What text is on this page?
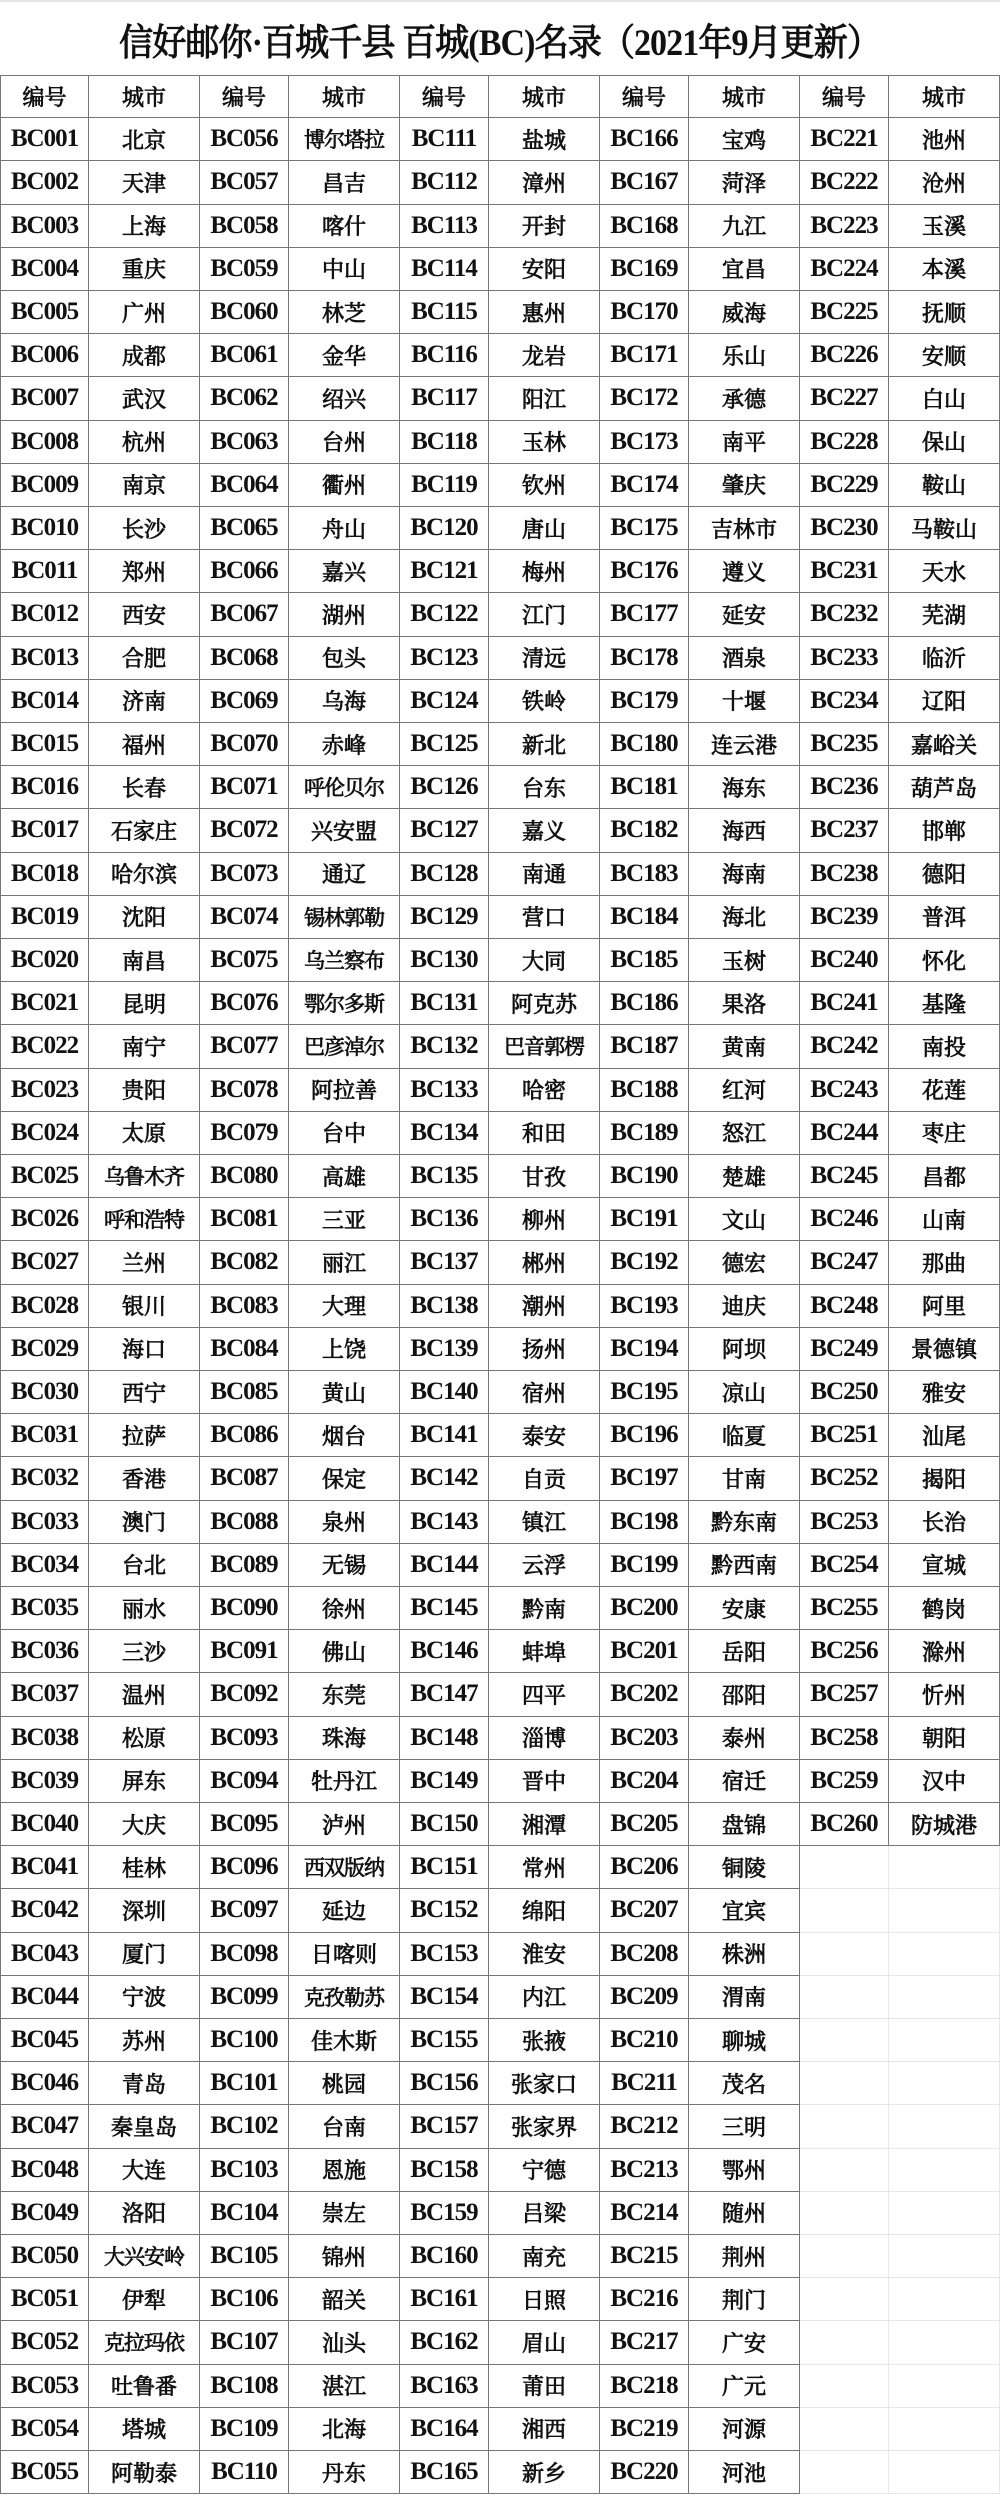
信好邮你·百城千县 百城(BC)名录（2021年9月更新）
编号	城市
BC001	北京
BC002	天津
BC003	上海
BC004	重庆
BC005	广州
BC006	成都
BC007	武汉
BC008	杭州
BC009	南京
BC010	长沙
BC011	郑州
BC012	西安
BC013	合肥
BC014	济南
BC015	福州
BC016	长春
BC017	石家庄
BC018	哈尔滨
BC019	沈阳
BC020	南昌
BC021	昆明
BC022	南宁
BC023	贵阳
BC024	太原
BC025	乌鲁木齐
BC026	呼和浩特
BC027	兰州
BC028	银川
BC029	海口
BC030	西宁
BC031	拉萨
BC032	香港
BC033	澳门
BC034	台北
BC035	丽水
BC036	三沙
BC037	温州
BC038	松原
BC039	屏东
BC040	大庆
BC041	桂林
BC042	深圳
BC043	厦门
BC044	宁波
BC045	苏州
BC046	青岛
BC047	秦皇岛
BC048	大连
BC049	洛阳
BC050	大兴安岭
BC051	伊犁
BC052	克拉玛依
BC053	吐鲁番
BC054	塔城
BC055	阿勒泰
编号	城市
BC056	博尔塔拉
BC057	昌吉
BC058	喀什
BC059	中山
BC060	林芝
BC061	金华
BC062	绍兴
BC063	台州
BC064	衢州
BC065	舟山
BC066	嘉兴
BC067	湖州
BC068	包头
BC069	乌海
BC070	赤峰
BC071	呼伦贝尔
BC072	兴安盟
BC073	通辽
BC074	锡林郭勒
BC075	乌兰察布
BC076	鄂尔多斯
BC077	巴彦淖尔
BC078	阿拉善
BC079	台中
BC080	高雄
BC081	三亚
BC082	丽江
BC083	大理
BC084	上饶
BC085	黄山
BC086	烟台
BC087	保定
BC088	泉州
BC089	无锡
BC090	徐州
BC091	佛山
BC092	东莞
BC093	珠海
BC094	牡丹江
BC095	泸州
BC096	西双版纳
BC097	延边
BC098	日喀则
BC099	克孜勒苏
BC100	佳木斯
BC101	桃园
BC102	台南
BC103	恩施
BC104	崇左
BC105	锦州
BC106	韶关
BC107	汕头
BC108	湛江
BC109	北海
BC110	丹东
编号	城市
BC111	盐城
BC112	漳州
BC113	开封
BC114	安阳
BC115	惠州
BC116	龙岩
BC117	阳江
BC118	玉林
BC119	钦州
BC120	唐山
BC121	梅州
BC122	江门
BC123	清远
BC124	铁岭
BC125	新北
BC126	台东
BC127	嘉义
BC128	南通
BC129	营口
BC130	大同
BC131	阿克苏
BC132	巴音郭楞
BC133	哈密
BC134	和田
BC135	甘孜
BC136	柳州
BC137	郴州
BC138	潮州
BC139	扬州
BC140	宿州
BC141	泰安
BC142	自贡
BC143	镇江
BC144	云浮
BC145	黔南
BC146	蚌埠
BC147	四平
BC148	淄博
BC149	晋中
BC150	湘潭
BC151	常州
BC152	绵阳
BC153	淮安
BC154	内江
BC155	张掖
BC156	张家口
BC157	张家界
BC158	宁德
BC159	吕梁
BC160	南充
BC161	日照
BC162	眉山
BC163	莆田
BC164	湘西
BC165	新乡
编号	城市
BC166	宝鸡
BC167	菏泽
BC168	九江
BC169	宜昌
BC170	威海
BC171	乐山
BC172	承德
BC173	南平
BC174	肇庆
BC175	吉林市
BC176	遵义
BC177	延安
BC178	酒泉
BC179	十堰
BC180	连云港
BC181	海东
BC182	海西
BC183	海南
BC184	海北
BC185	玉树
BC186	果洛
BC187	黄南
BC188	红河
BC189	怒江
BC190	楚雄
BC191	文山
BC192	德宏
BC193	迪庆
BC194	阿坝
BC195	凉山
BC196	临夏
BC197	甘南
BC198	黔东南
BC199	黔西南
BC200	安康
BC201	岳阳
BC202	邵阳
BC203	泰州
BC204	宿迁
BC205	盘锦
BC206	铜陵
BC207	宜宾
BC208	株洲
BC209	渭南
BC210	聊城
BC211	茂名
BC212	三明
BC213	鄂州
BC214	随州
BC215	荆州
BC216	荆门
BC217	广安
BC218	广元
BC219	河源
BC220	河池
编号	城市
BC221	池州
BC222	沧州
BC223	玉溪
BC224	本溪
BC225	抚顺
BC226	安顺
BC227	白山
BC228	保山
BC229	鞍山
BC230	马鞍山
BC231	天水
BC232	芜湖
BC233	临沂
BC234	辽阳
BC235	嘉峪关
BC236	葫芦岛
BC237	邯郸
BC238	德阳
BC239	普洱
BC240	怀化
BC241	基隆
BC242	南投
BC243	花莲
BC244	枣庄
BC245	昌都
BC246	山南
BC247	那曲
BC248	阿里
BC249	景德镇
BC250	雅安
BC251	汕尾
BC252	揭阳
BC253	长治
BC254	宣城
BC255	鹤岗
BC256	滁州
BC257	忻州
BC258	朝阳
BC259	汉中
BC260	防城港
